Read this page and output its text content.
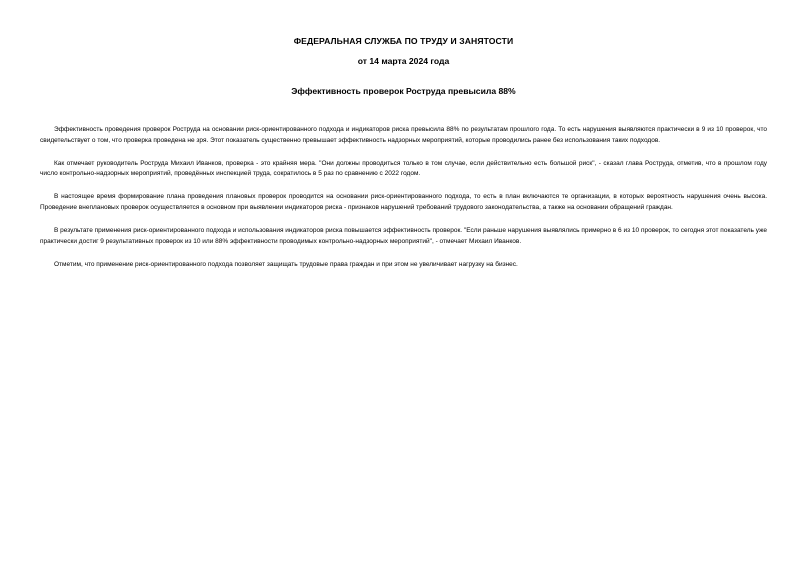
ФЕДЕРАЛЬНАЯ СЛУЖБА ПО ТРУДУ И ЗАНЯТОСТИ
от 14 марта 2024 года
Эффективность проверок Роструда превысила 88%

Эффективность проведения проверок Роструда на основании риск-ориентированного подхода и индикаторов риска превысила 88% по результатам прошлого года. То есть нарушения выявляются практически в 9 из 10 проверок, что свидетельствует о том, что проверка проведена не зря. Этот показатель существенно превышает эффективность надзорных мероприятий, которые проводились ранее без использования таких подходов.

Как отмечает руководитель Роструда Михаил Иванков, проверка - это крайняя мера. "Они должны проводиться только в том случае, если действительно есть большой риск", - сказал глава Роструда, отметив, что в прошлом году число контрольно-надзорных мероприятий, проведённых инспекцией труда, сократилось в 5 раз по сравнению с 2022 годом.

В настоящее время формирование плана проведения плановых проверок проводится на основании риск-ориентированного подхода, то есть в план включаются те организации, в которых вероятность нарушения очень высока. Проведение внеплановых проверок осуществляется в основном при выявлении индикаторов риска - признаков нарушений требований трудового законодательства, а также на основании обращений граждан.

В результате применения риск-ориентированного подхода и использования индикаторов риска повышается эффективность проверок. "Если раньше нарушения выявлялись примерно в 6 из 10 проверок, то сегодня этот показатель уже практически достиг 9 результативных проверок из 10 или 88% эффективности проводимых контрольно-надзорных мероприятий", - отмечает Михаил Иванков.

Отметим, что применение риск-ориентированного подхода позволяет защищать трудовые права граждан и при этом не увеличивает нагрузку на бизнес.
